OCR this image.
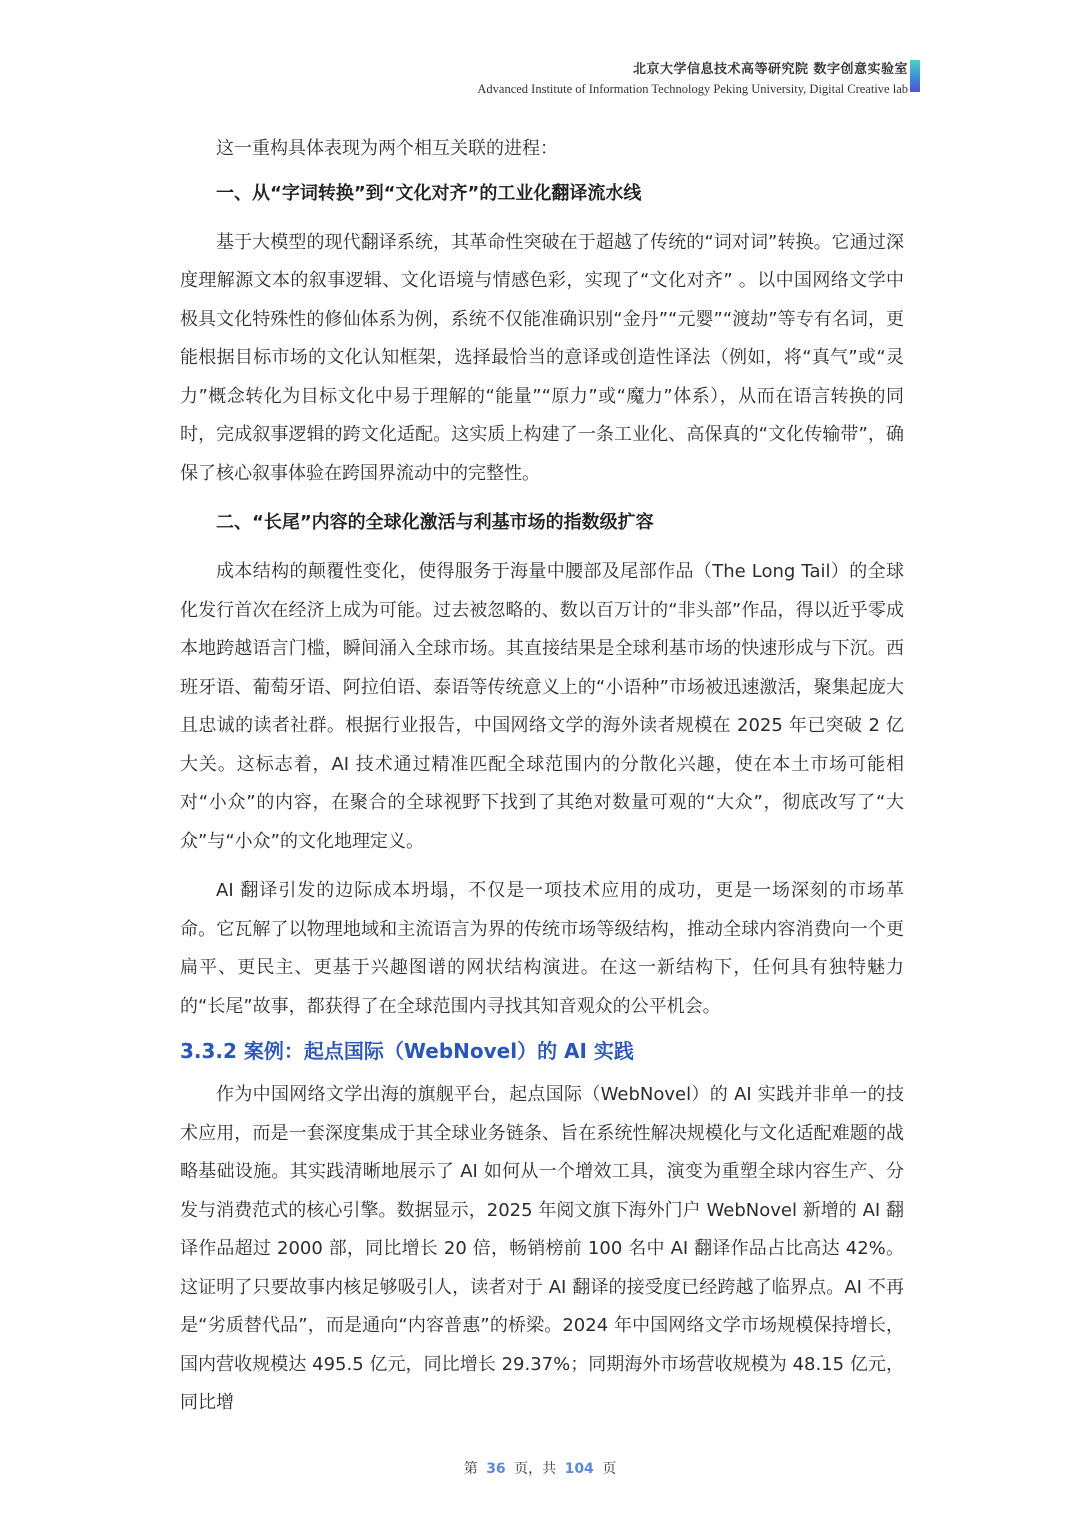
北京大学信息技术高等研究院 数字创意实验室
Advanced Institute of Information Technology Peking University, Digital Creative lab

这一重构具体表现为两个相互关联的进程：

一、从“字词转换”到“文化对齐”的工业化翻译流水线

基于大模型的现代翻译系统，其革命性突破在于超越了传统的“词对词”转换。它通过深度理解源文本的叙事逻辑、文化语境与情感色彩，实现了“文化对齐” 。以中国网络文学中极具文化特殊性的修仙体系为例，系统不仅能准确识别“金丹”“元婴”“渡劫”等专有名词，更能根据目标市场的文化认知框架，选择最恰当的意译或创造性译法（例如，将“真气”或“灵力”概念转化为目标文化中易于理解的“能量”“原力”或“魔力”体系），从而在语言转换的同时，完成叙事逻辑的跨文化适配。这实质上构建了一条工业化、高保真的“文化传输带”，确保了核心叙事体验在跨国界流动中的完整性。

二、“长尾”内容的全球化激活与利基市场的指数级扩容

成本结构的颠覆性变化，使得服务于海量中腰部及尾部作品（The Long Tail）的全球化发行首次在经济上成为可能。过去被忽略的、数以百万计的“非头部”作品，得以近乎零成本地跨越语言门槛，瞬间涌入全球市场。其直接结果是全球利基市场的快速形成与下沉。西班牙语、葡萄牙语、阿拉伯语、泰语等传统意义上的“小语种”市场被迅速激活，聚集起庞大且忠诚的读者社群。根据行业报告，中国网络文学的海外读者规模在 2025 年已突破 2 亿大关。这标志着，AI 技术通过精准匹配全球范围内的分散化兴趣，使在本土市场可能相对“小众”的内容，在聚合的全球视野下找到了其绝对数量可观的“大众”，彻底改写了“大众”与“小众”的文化地理定义。

AI 翻译引发的边际成本坍塌，不仅是一项技术应用的成功，更是一场深刻的市场革命。它瓦解了以物理地域和主流语言为界的传统市场等级结构，推动全球内容消费向一个更扁平、更民主、更基于兴趣图谱的网状结构演进。在这一新结构下，任何具有独特魅力的“长尾”故事，都获得了在全球范围内寻找其知音观众的公平机会。

3.3.2 案例：起点国际（WebNovel）的 AI 实践

作为中国网络文学出海的旗舰平台，起点国际（WebNovel）的 AI 实践并非单一的技术应用，而是一套深度集成于其全球业务链条、旨在系统性解决规模化与文化适配难题的战略基础设施。其实践清晰地展示了 AI 如何从一个增效工具，演变为重塑全球内容生产、分发与消费范式的核心引擎。数据显示，2025 年阅文旗下海外门户 WebNovel 新增的 AI 翻译作品超过 2000 部，同比增长 20 倍，畅销榜前 100 名中 AI 翻译作品占比高达 42%。这证明了只要故事内核足够吸引人，读者对于 AI 翻译的接受度已经跨越了临界点。AI 不再是“劣质替代品”，而是通向“内容普惠”的桥梁。2024 年中国网络文学市场规模保持增长，国内营收规模达 495.5 亿元，同比增长 29.37%；同期海外市场营收规模为 48.15 亿元，同比增

第 36 页，共 104 页
